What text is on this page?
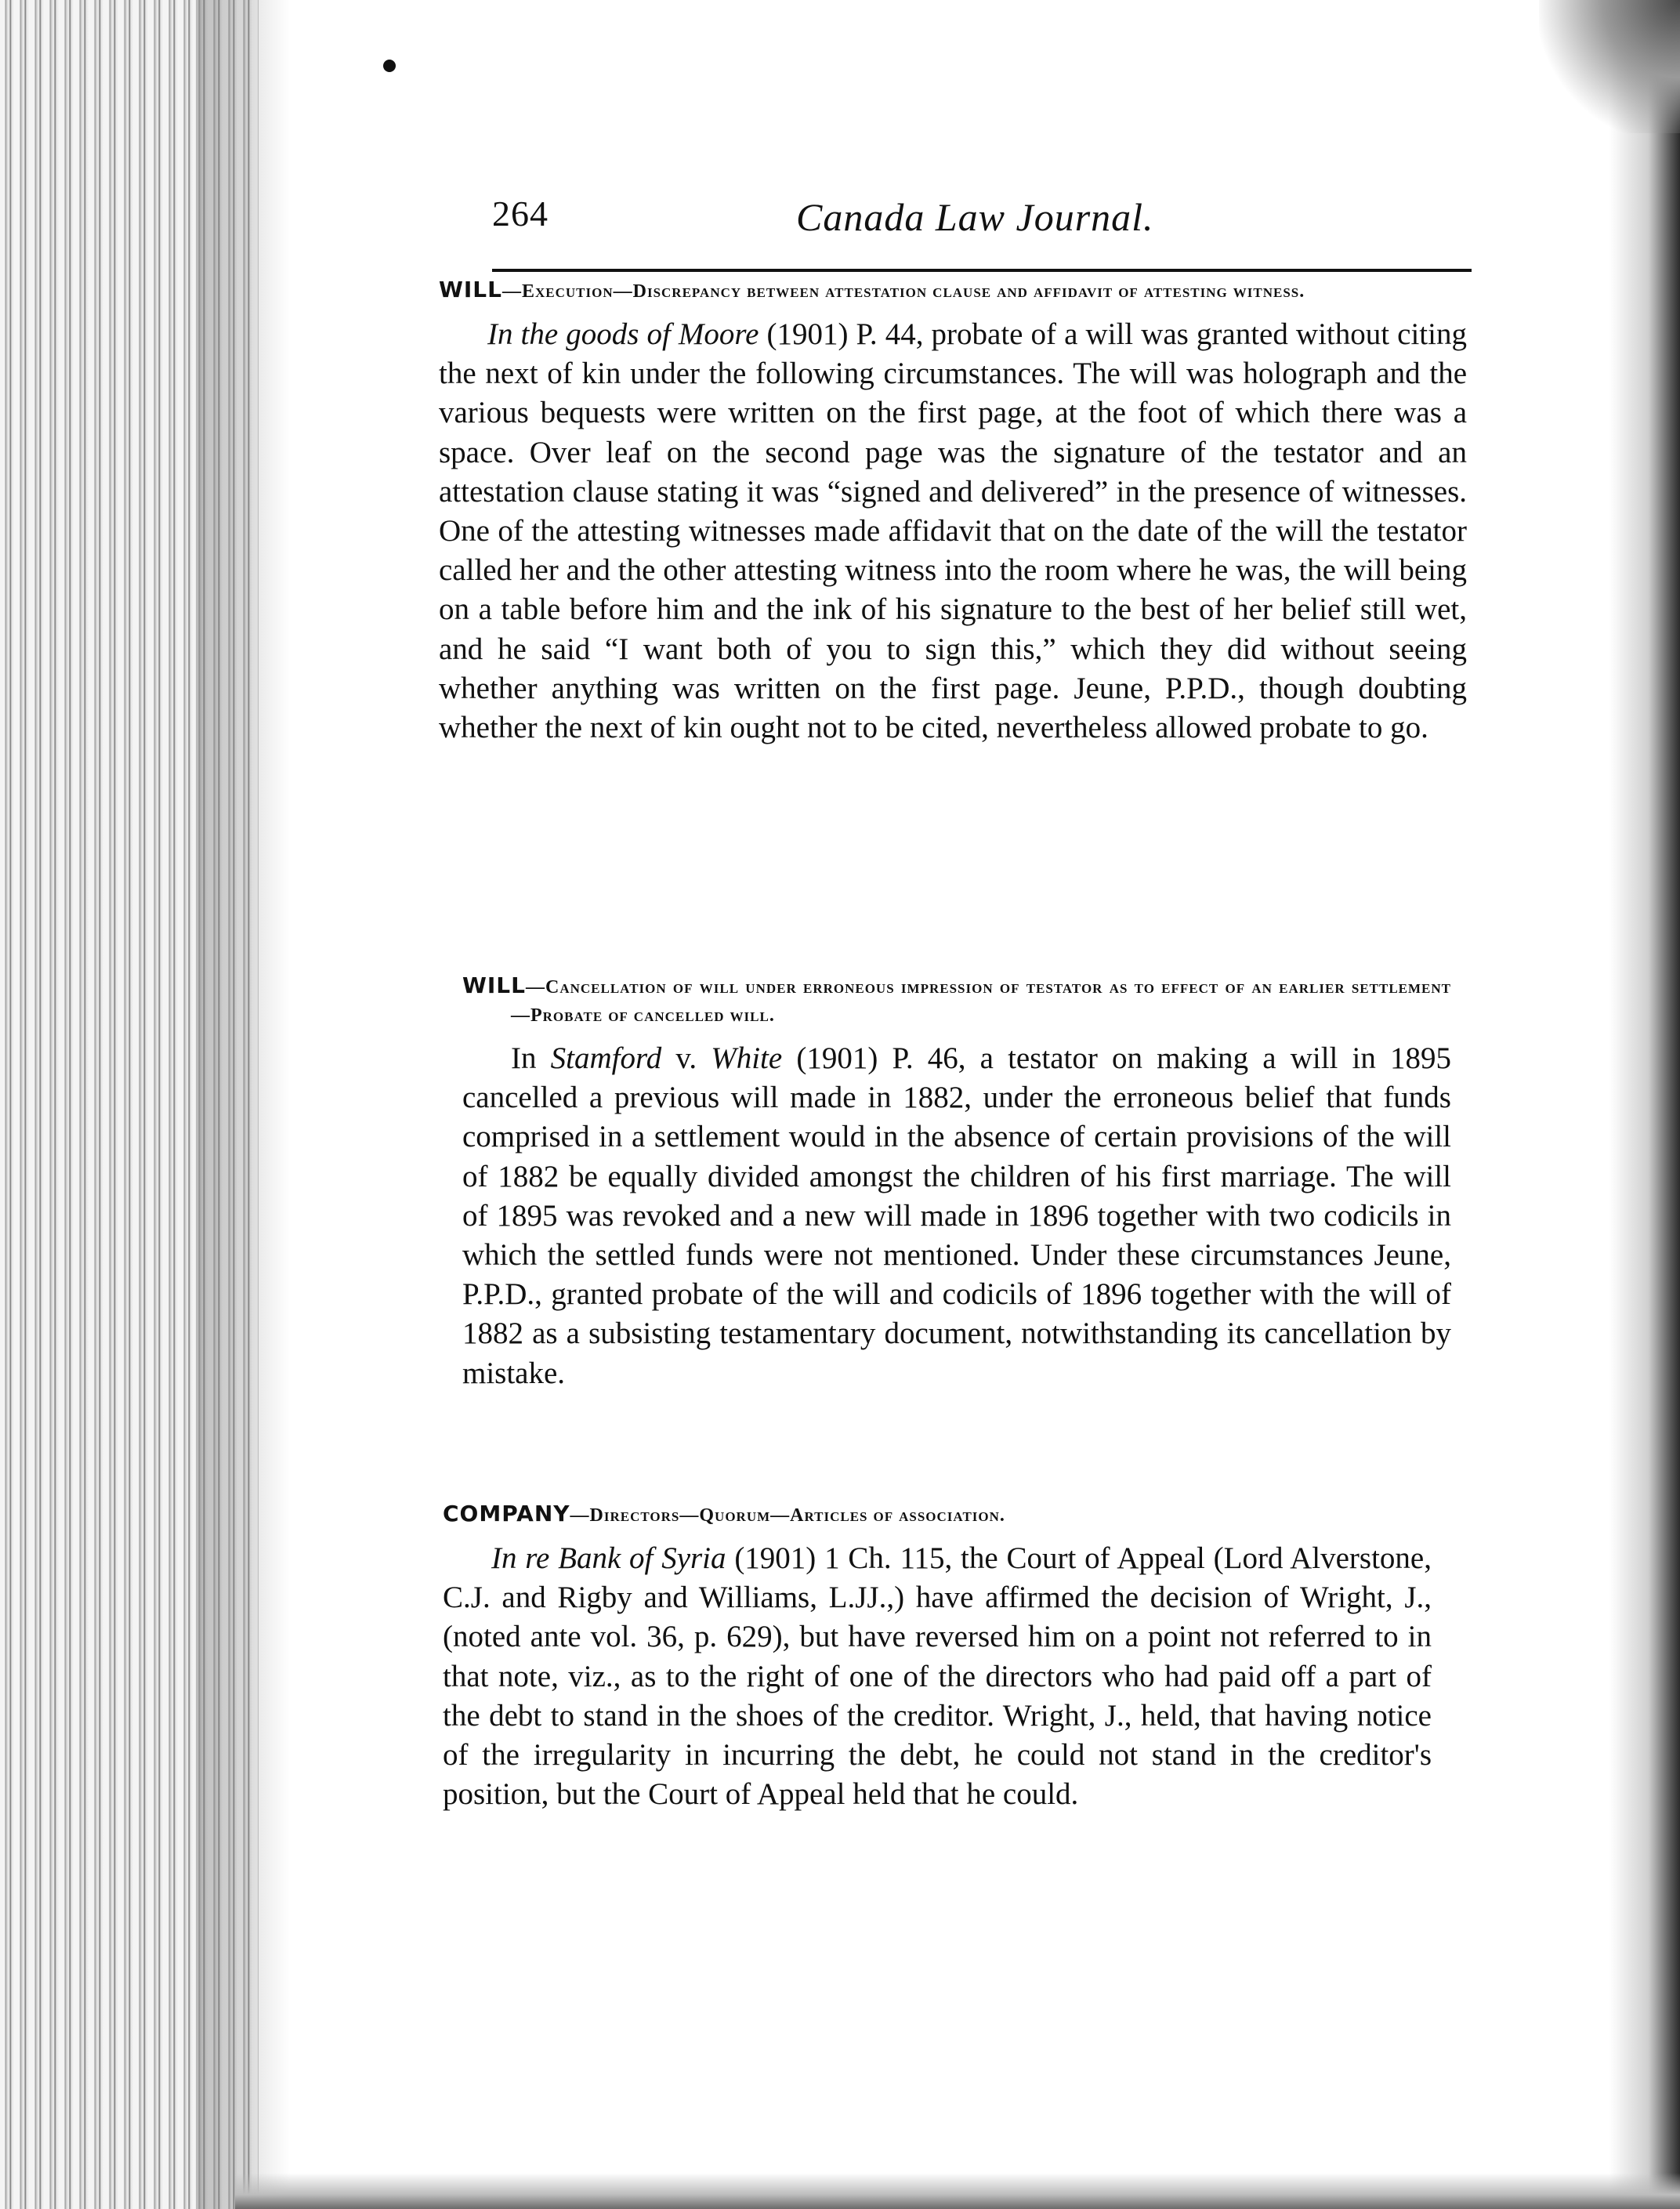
264	Canada Law Journal.
WILL—Execution—Discrepancy between attestation clause and affidavit of attesting witness.

In the goods of Moore (1901) P. 44, probate of a will was granted without citing the next of kin under the following circumstances. The will was holograph and the various bequests were written on the first page, at the foot of which there was a space. Over leaf on the second page was the signature of the testator and an attestation clause stating it was “signed and delivered” in the presence of witnesses. One of the attesting witnesses made affidavit that on the date of the will the testator called her and the other attesting witness into the room where he was, the will being on a table before him and the ink of his signature to the best of her belief still wet, and he said “I want both of you to sign this,” which they did without seeing whether anything was written on the first page. Jeune, P.P.D., though doubting whether the next of kin ought not to be cited, nevertheless allowed probate to go.

WILL—Cancellation of will under erroneous impression of testator as to effect of an earlier settlement—Probate of cancelled will.

In Stamford v. White (1901) P. 46, a testator on making a will in 1895 cancelled a previous will made in 1882, under the erroneous belief that funds comprised in a settlement would in the absence of certain provisions of the will of 1882 be equally divided amongst the children of his first marriage. The will of 1895 was revoked and a new will made in 1896 together with two codicils in which the settled funds were not mentioned. Under these circumstances Jeune, P.P.D., granted probate of the will and codicils of 1896 together with the will of 1882 as a subsisting testamentary document, notwithstanding its cancellation by mistake.

COMPANY—Directors—Quorum—Articles of association.

In re Bank of Syria (1901) 1 Ch. 115, the Court of Appeal (Lord Alverstone, C.J. and Rigby and Williams, L.JJ.,) have affirmed the decision of Wright, J., (noted ante vol. 36, p. 629), but have reversed him on a point not referred to in that note, viz., as to the right of one of the directors who had paid off a part of the debt to stand in the shoes of the creditor. Wright, J., held, that having notice of the irregularity in incurring the debt, he could not stand in the creditor's position, but the Court of Appeal held that he could.
